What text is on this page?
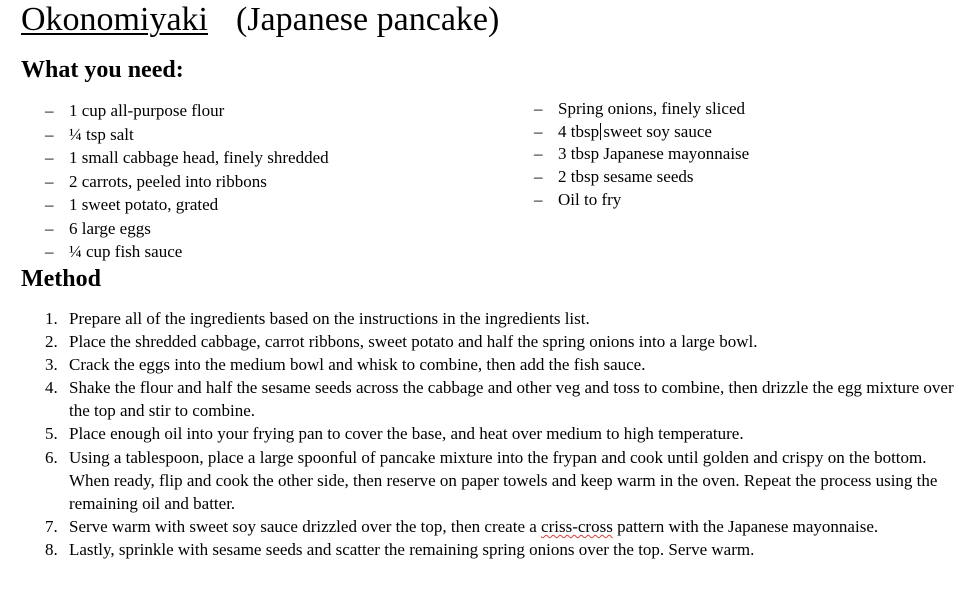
Okonomiyaki (Japanese pancake)
What you need:
– 1 cup all-purpose flour
– ¼ tsp salt
– 1 small cabbage head, finely shredded
– 2 carrots, peeled into ribbons
– 1 sweet potato, grated
– 6 large eggs
– ¼ cup fish sauce
– Spring onions, finely sliced
– 4 tbsp sweet soy sauce
– 3 tbsp Japanese mayonnaise
– 2 tbsp sesame seeds
– Oil to fry
Method
1. Prepare all of the ingredients based on the instructions in the ingredients list.
2. Place the shredded cabbage, carrot ribbons, sweet potato and half the spring onions into a large bowl.
3. Crack the eggs into the medium bowl and whisk to combine, then add the fish sauce.
4. Shake the flour and half the sesame seeds across the cabbage and other veg and toss to combine, then drizzle the egg mixture over the top and stir to combine.
5. Place enough oil into your frying pan to cover the base, and heat over medium to high temperature.
6. Using a tablespoon, place a large spoonful of pancake mixture into the frypan and cook until golden and crispy on the bottom. When ready, flip and cook the other side, then reserve on paper towels and keep warm in the oven. Repeat the process using the remaining oil and batter.
7. Serve warm with sweet soy sauce drizzled over the top, then create a criss-cross pattern with the Japanese mayonnaise.
8. Lastly, sprinkle with sesame seeds and scatter the remaining spring onions over the top. Serve warm.
